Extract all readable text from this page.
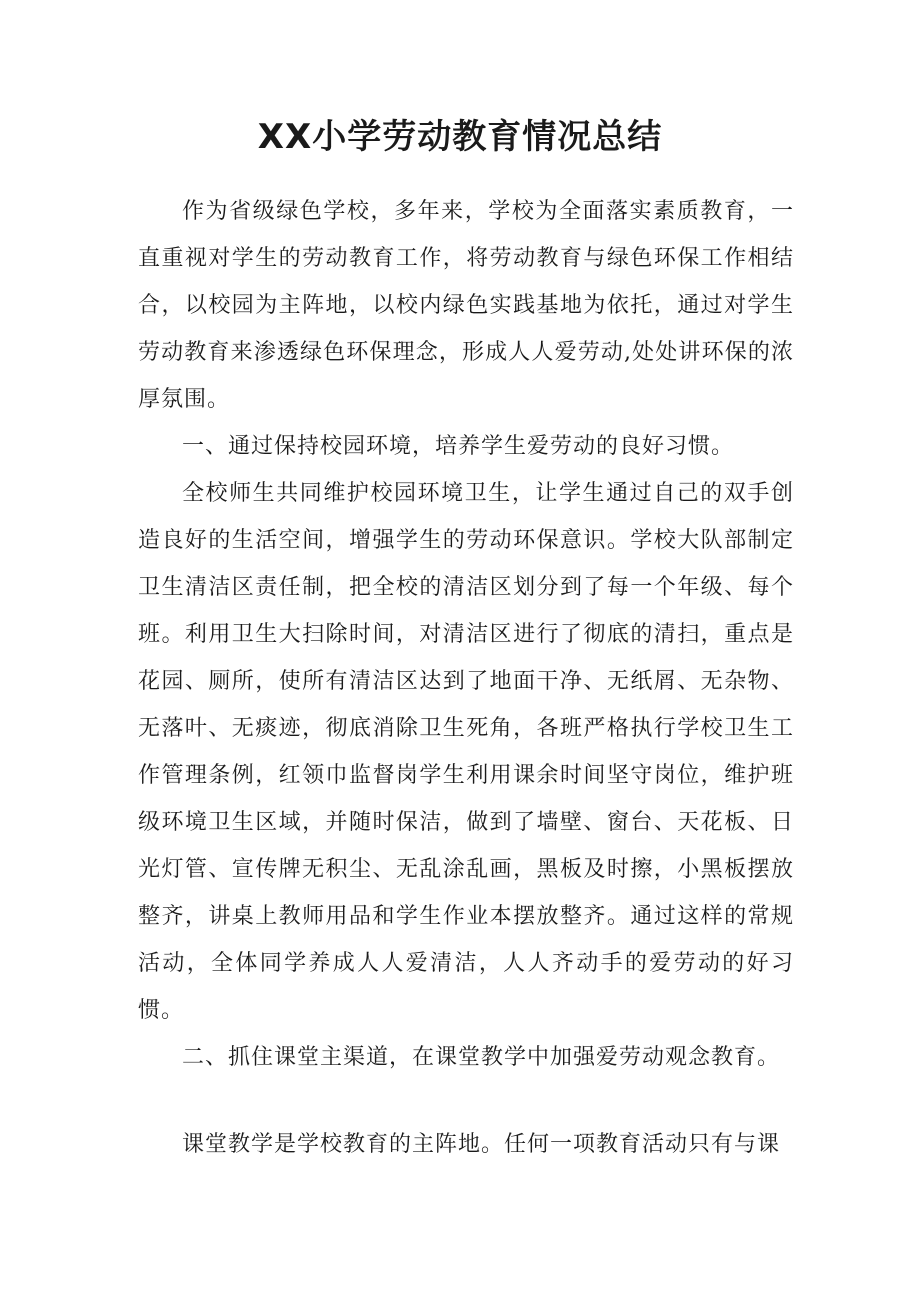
XX小学劳动教育情况总结

作为省级绿色学校，多年来，学校为全面落实素质教育，一直重视对学生的劳动教育工作，将劳动教育与绿色环保工作相结合，以校园为主阵地，以校内绿色实践基地为依托，通过对学生劳动教育来渗透绿色环保理念，形成人人爱劳动,处处讲环保的浓厚氛围。

一、通过保持校园环境，培养学生爱劳动的良好习惯。

全校师生共同维护校园环境卫生，让学生通过自己的双手创造良好的生活空间，增强学生的劳动环保意识。学校大队部制定卫生清洁区责任制，把全校的清洁区划分到了每一个年级、每个班。利用卫生大扫除时间，对清洁区进行了彻底的清扫，重点是花园、厕所，使所有清洁区达到了地面干净、无纸屑、无杂物、无落叶、无痰迹，彻底消除卫生死角，各班严格执行学校卫生工作管理条例，红领巾监督岗学生利用课余时间坚守岗位，维护班级环境卫生区域，并随时保洁，做到了墙壁、窗台、天花板、日光灯管、宣传牌无积尘、无乱涂乱画，黑板及时擦，小黑板摆放整齐，讲桌上教师用品和学生作业本摆放整齐。通过这样的常规活动，全体同学养成人人爱清洁，人人齐动手的爱劳动的好习惯。

二、抓住课堂主渠道，在课堂教学中加强爱劳动观念教育。

课堂教学是学校教育的主阵地。任何一项教育活动只有与课
